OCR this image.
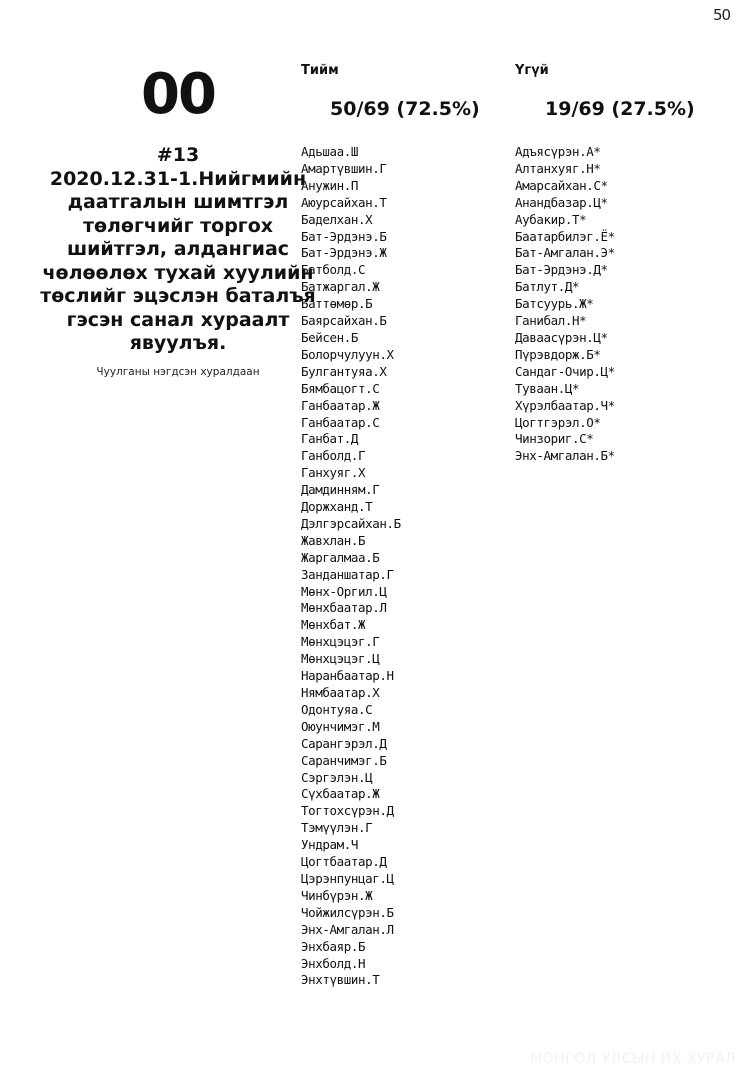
50
00
#13
2020.12.31-1.Нийгмийн даатгалын шимтгэл төлөгчийг торгох шийтгэл, алдангиас чөлөөлөх тухай хуулийн төслийг эцэслэн баталъя гэсэн санал хураалт явуулъя.
Чуулганы нэгдсэн хуралдаан
Тийм
50/69 (72.5%)
Адьшаа.Ш
Амартүвшин.Г
Анужин.П
Аюурсайхан.Т
Баделхан.Х
Бат-Эрдэнэ.Б
Бат-Эрдэнэ.Ж
Батболд.С
Батжаргал.Ж
Баттөмөр.Б
Баярсайхан.Б
Бейсен.Б
Болорчулуун.Х
Булгантуяа.Х
Бямбацогт.С
Ганбаатар.Ж
Ганбаатар.С
Ганбат.Д
Ганболд.Г
Ганхуяг.Х
Дамдинням.Г
Доржханд.Т
Дэлгэрсайхан.Б
Жавхлан.Б
Жаргалмаа.Б
Занданшатар.Г
Мөнх-Оргил.Ц
Мөнхбаатар.Л
Мөнхбат.Ж
Мөнхцэцэг.Г
Мөнхцэцэг.Ц
Наранбаатар.Н
Нямбаатар.Х
Одонтуяа.С
Оюунчимэг.М
Сарангэрэл.Д
Саранчимэг.Б
Сэргэлэн.Ц
Сүхбаатар.Ж
Тогтохсүрэн.Д
Тэмүүлэн.Г
Ундрам.Ч
Цогтбаатар.Д
Цэрэнпунцаг.Ц
Чинбүрэн.Ж
Чойжилсүрэн.Б
Энх-Амгалан.Л
Энхбаяр.Б
Энхболд.Н
Энхтүвшин.Т
Үгүй
19/69 (27.5%)
Адъясүрэн.А*
Алтанхуяг.Н*
Амарсайхан.С*
Анандбазар.Ц*
Аубакир.Т*
Баатарбилэг.Ё*
Бат-Амгалан.Э*
Бат-Эрдэнэ.Д*
Батлут.Д*
Батсуурь.Ж*
Ганибал.Н*
Даваасүрэн.Ц*
Пүрэвдорж.Б*
Сандаг-Очир.Ц*
Туваан.Ц*
Хүрэлбаатар.Ч*
Цогтгэрэл.О*
Чинзориг.С*
Энх-Амгалан.Б*
МОНГОЛ УЛСЫН ИХ ХУРАЛ
